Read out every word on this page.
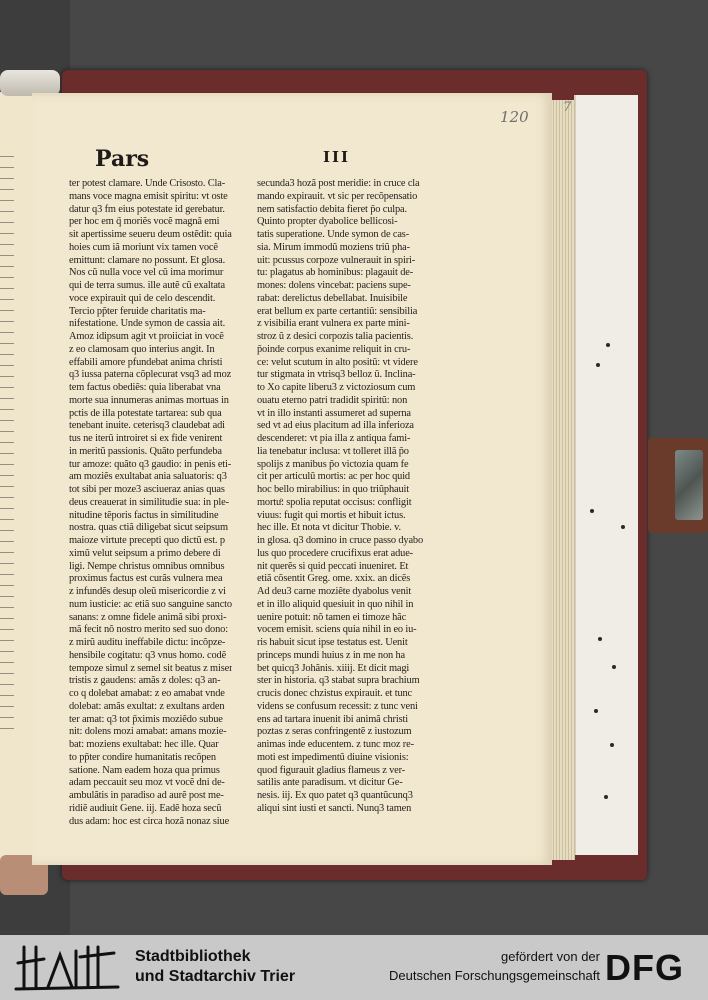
120
7
Pars	III
ter potest clamare. Unde Crisosto. Cla-
mans voce magna emisit spiritu: vt oste
datur q3 fm eius potestate id gerebatur.
per hoc em q̃ moriẽs vocẽ magnã emi
sit apertissime seueru deum ostẽdit: quia
hoies cum iã moriunt vix tamen vocẽ
emittunt: clamare no possunt. Et glosa.
Nos cũ nulla voce vel cũ ima morimur
qui de terra sumus. ille autẽ cũ exaltata
voce expirauit qui de celo descendit.
Tercio pp̃ter feruide charitatis ma-
nifestatione. Unde symon de cassia ait.
Amoz idipsum agit vt proiiciat in vocẽ
z eo clamosam quo interius angit. In
effabili amore pfundebat anima christi
q3 iussa paterna cõplecurat vsq3 ad moz
tem factus obediẽs: quia liberabat vna
morte sua innumeras animas mortuas in
pctis de illa potestate tartarea: sub qua
tenebant inuite. ceterisq3 claudebat adi
tus ne iterũ introiret si ex fide venirent
in meritũ passionis. Quãto perfundeba
tur amoze: quãto q3 gaudio: in penis eti-
am moziẽs exultabat ania saluatoris: q3
tot sibi per moze3 asciueraz anias quas
deus creauerat in similitudie sua: in ple-
nitudine tẽporis factus in similitudine
nostra. quas ctiã diligebat sicut seipsum
maioze virtute precepti quo dictũ est. p
ximũ velut seipsum a primo debere di
ligi. Nempe christus omnibus omnibus
proximus factus est curãs vulnera mea
z infundẽs desup oleũ misericordie z vi
num iusticie: ac etiã suo sanguine sancto
sanans: z omne fidele animã sibi proxi-
mã fecit nõ nostro merito sed suo dono:
z mirũ auditu ineffabile dictu: incõpze-
hensibile cogitatu: q3 vnus homo. codẽ
tempoze simul z semel sit beatus z miser
tristis z gaudens: amãs z doles: q3 an-
co q dolebat amabat: z eo amabat vnde
dolebat: amãs exultat: z exultans arden
ter amat: q3 tot p̃ximis moziẽdo subue
nit: dolens mozi amabat: amans mozie-
bat: moziens exultabat: hec ille. Quar
to pp̃ter condire humanitatis recõpen
satione. Nam eadem hoza qua primus
adam peccauit seu moz vt vocẽ dni de-
ambulãtis in paradiso ad aurẽ post me-
ridiẽ audiuit Gene. iij. Eadẽ hoza secũ
dus adam: hoc est circa hozã nonaz siue
secunda3 hozã post meridie: in cruce cla
mando expirauit. vt sic per recõpensatio
nem satisfactio debita fieret p̃o culpa.
Quinto propter dyabolice bellicosi-
tatis superatione. Unde symon de cas-
sia. Mirum immodũ moziens triũ pha-
uit: pcussus corpoze vulnerauit in spiri-
tu: plagatus ab hominibus: plagauit de-
mones: dolens vincebat: paciens supe-
rabat: derelictus debellabat. Inuisibile
erat bellum ex parte certantiũ: sensibilia
z visibilia erant vulnera ex parte mini-
stroz ũ z desici corpozis talia pacientis.
p̃oinde corpus exanime reliquit in cru-
ce: velut scutum in alto positũ: vt videre
tur stigmata in vtrisq3 belloz ũ. Inclina-
to Xo capite liberu3 z victoziosum cum
ouatu eterno patri tradidit spiritũ: non
vt in illo instanti assumeret ad superna
sed vt ad eius placitum ad illa inferioza
descenderet: vt pia illa z antiqua fami-
lia tenebatur inclusa: vt tolleret illã p̃o
spolijs z manibus p̃o victozia quam fe
cit per articulũ mortis: ac per hoc quid
hoc bello mirabilius: in quo triũphauit
mortuͦ: spolia reputat occisus: confligit
viuus: fugit qui mortis et hibuit ictus.
hec ille. Et nota vt dicitur Thobie. v.
in glosa. q3 domino in cruce passo dyabo
lus quo procedere crucifixus erat adue-
nit querẽs si quid peccati inueniret. Et
etiã cõsentit Greg. ome. xxix. an dicẽs
Ad deu3 carne moziẽte dyabolus venit
et in illo aliquid quesiuit in quo nihil in
uenire potuit: nõ tamen ei timoze hãc
vocem emisit. sciens quia nihil in eo iu-
ris habuit sicut ipse testatus est. Uenit
princeps mundi huius z in me non ha
bet quicq3 Johãnis. xiiij. Et dicit magi
ster in historia. q3 stabat supra brachium
crucis donec chzistus expirauit. et tunc
videns se confusum recessit: z tunc veni
ens ad tartara inuenit ibi animã christi
poztas z seras confringentẽ z iustozum
animas inde educentem. z tunc moz re-
moti est impedimentũ diuine visionis:
quod figurauit gladius flameus z ver-
satilis ante paradisum. vt dicitur Ge-
nesis. iij. Ex quo patet q3 quantũcunq3
aliqui sint iusti et sancti. Nunq3 tamen
Stadtbibliothek
und Stadtarchiv Trier
gefördert von der
Deutschen Forschungsgemeinschaft DFG
